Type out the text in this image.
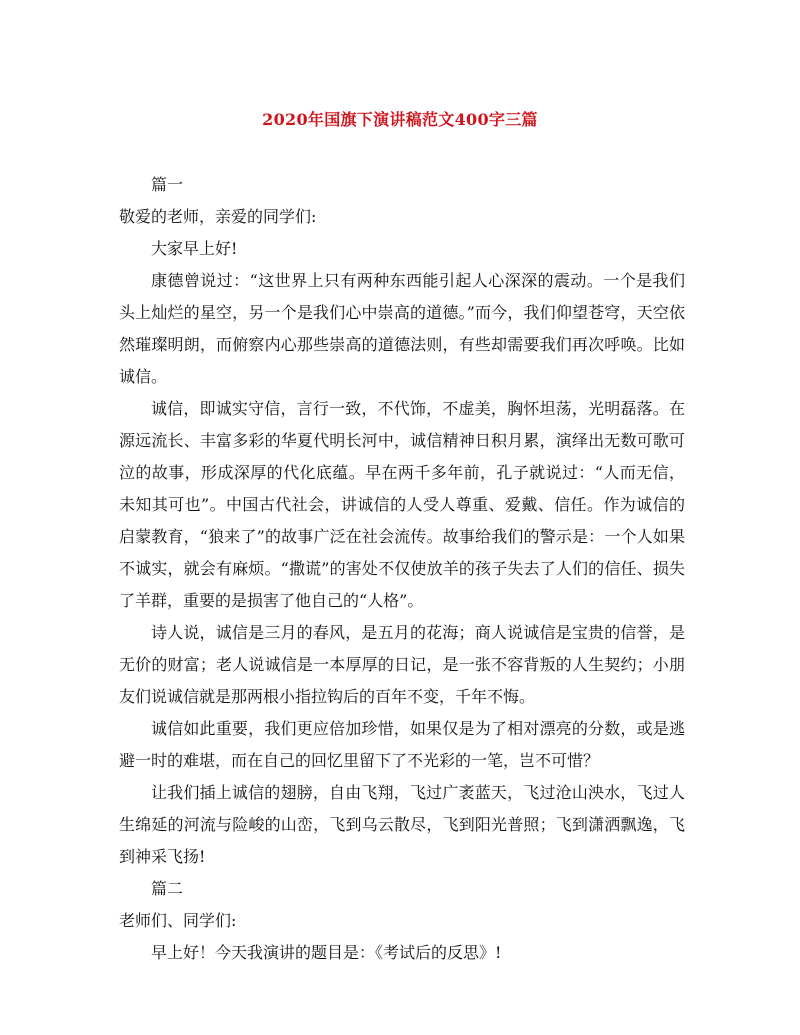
2020年国旗下演讲稿范文400字三篇

篇一

敬爱的老师，亲爱的同学们:

大家早上好!

康德曾说过：“这世界上只有两种东西能引起人心深深的震动。一个是我们头上灿烂的星空，另一个是我们心中崇高的道德。”而今，我们仰望苍穹，天空依然璀璨明朗，而俯察内心那些崇高的道德法则，有些却需要我们再次呼唤。比如诚信。

诚信，即诚实守信，言行一致，不代饰，不虚美，胸怀坦荡，光明磊落。在源远流长、丰富多彩的华夏代明长河中，诚信精神日积月累，演绎出无数可歌可泣的故事，形成深厚的代化底蕴。早在两千多年前，孔子就说过：“人而无信，未知其可也”。中国古代社会，讲诚信的人受人尊重、爱戴、信任。作为诚信的启蒙教育，“狼来了”的故事广泛在社会流传。故事给我们的警示是：一个人如果不诚实，就会有麻烦。“撒谎”的害处不仅使放羊的孩子失去了人们的信任、损失了羊群，重要的是损害了他自己的“人格”。

诗人说，诚信是三月的春风，是五月的花海；商人说诚信是宝贵的信誉，是无价的财富；老人说诚信是一本厚厚的日记，是一张不容背叛的人生契约；小朋友们说诚信就是那两根小指拉钩后的百年不变，千年不悔。

诚信如此重要，我们更应倍加珍惜，如果仅是为了相对漂亮的分数，或是逃避一时的难堪，而在自己的回忆里留下了不光彩的一笔，岂不可惜？

让我们插上诚信的翅膀，自由飞翔，飞过广袤蓝天，飞过沧山泱水，飞过人生绵延的河流与险峻的山峦，飞到乌云散尽，飞到阳光普照；飞到潇洒飘逸，飞到神采飞扬!

篇二

老师们、同学们:

早上好！今天我演讲的题目是：《考试后的反思》!
